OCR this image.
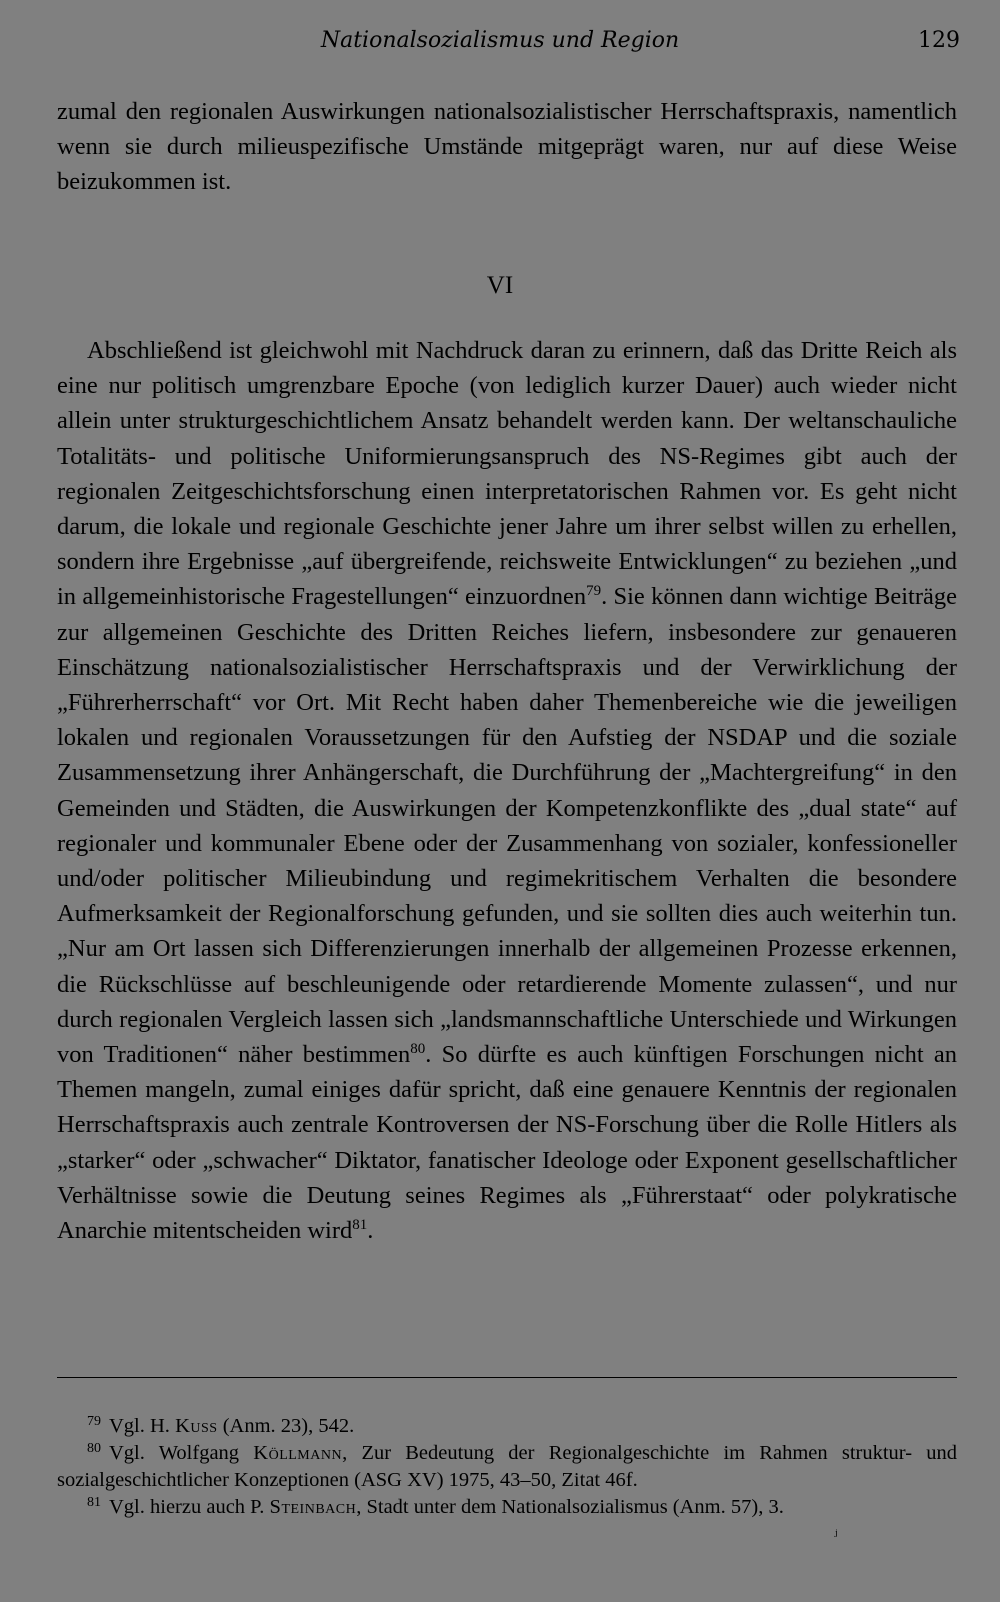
Nationalsozialismus und Region	129

zumal den regionalen Auswirkungen nationalsozialistischer Herrschaftspraxis, namentlich wenn sie durch milieuspezifische Umstände mitgeprägt waren, nur auf diese Weise beizukommen ist.

VI

Abschließend ist gleichwohl mit Nachdruck daran zu erinnern, daß das Dritte Reich als eine nur politisch umgrenzbare Epoche (von lediglich kurzer Dauer) auch wieder nicht allein unter strukturgeschichtlichem Ansatz behandelt werden kann. Der weltanschauliche Totalitäts- und politische Uniformierungsanspruch des NS-Regimes gibt auch der regionalen Zeitgeschichtsforschung einen interpretatorischen Rahmen vor. Es geht nicht darum, die lokale und regionale Geschichte jener Jahre um ihrer selbst willen zu erhellen, sondern ihre Ergebnisse „auf übergreifende, reichsweite Entwicklungen“ zu beziehen „und in allgemeinhistorische Fragestellungen“ einzuordnen$^{79}$. Sie können dann wichtige Beiträge zur allgemeinen Geschichte des Dritten Reiches liefern, insbesondere zur genaueren Einschätzung nationalsozialistischer Herrschaftspraxis und der Verwirklichung der „Führerherrschaft“ vor Ort. Mit Recht haben daher Themenbereiche wie die jeweiligen lokalen und regionalen Voraussetzungen für den Aufstieg der NSDAP und die soziale Zusammensetzung ihrer Anhängerschaft, die Durchführung der „Machtergreifung“ in den Gemeinden und Städten, die Auswirkungen der Kompetenzkonflikte des „dual state“ auf regionaler und kommunaler Ebene oder der Zusammenhang von sozialer, konfessioneller und/oder politischer Milieubindung und regimekritischem Verhalten die besondere Aufmerksamkeit der Regionalforschung gefunden, und sie sollten dies auch weiterhin tun. „Nur am Ort lassen sich Differenzierungen innerhalb der allgemeinen Prozesse erkennen, die Rückschlüsse auf beschleunigende oder retardierende Momente zulassen“, und nur durch regionalen Vergleich lassen sich „landsmannschaftliche Unterschiede und Wirkungen von Traditionen“ näher bestimmen$^{80}$. So dürfte es auch künftigen Forschungen nicht an Themen mangeln, zumal einiges dafür spricht, daß eine genauere Kenntnis der regionalen Herrschaftspraxis auch zentrale Kontroversen der NS-Forschung über die Rolle Hitlers als „starker“ oder „schwacher“ Diktator, fanatischer Ideologe oder Exponent gesellschaftlicher Verhältnisse sowie die Deutung seines Regimes als „Führerstaat“ oder polykratische Anarchie mitentscheiden wird$^{81}$.

$^{79}$ Vgl. H. Kuss (Anm. 23), 542.
$^{80}$ Vgl. Wolfgang Köllmann, Zur Bedeutung der Regionalgeschichte im Rahmen struktur- und sozialgeschichtlicher Konzeptionen (ASG XV) 1975, 43–50, Zitat 46f.
$^{81}$ Vgl. hierzu auch P. Steinbach, Stadt unter dem Nationalsozialismus (Anm. 57), 3.
ʲ
